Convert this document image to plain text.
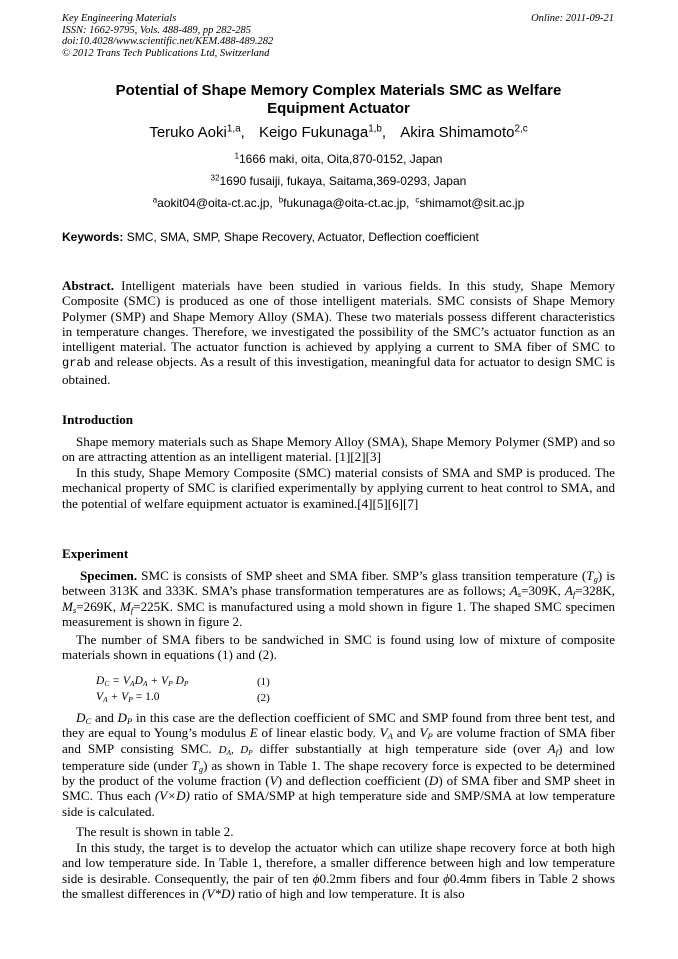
Key Engineering Materials
ISSN: 1662-9795, Vols. 488-489, pp 282-285
doi:10.4028/www.scientific.net/KEM.488-489.282
© 2012 Trans Tech Publications Ltd, Switzerland
Online: 2011-09-21
Potential of Shape Memory Complex Materials SMC as Welfare
Equipment Actuator
Teruko Aoki$^{1,a}$, Keigo Fukunaga$^{1,b}$, Akira Shimamoto$^{2,c}$
$^1$1666 maki, oita, Oita,870-0152, Japan
$^{32}$1690 fusaiji, fukaya, Saitama,369-0293, Japan
$^a$aokit04@oita-ct.ac.jp, $^b$fukunaga@oita-ct.ac.jp, $^c$shimamot@sit.ac.jp
Keywords: SMC, SMA, SMP, Shape Recovery, Actuator, Deflection coefficient
Abstract. Intelligent materials have been studied in various fields. In this study, Shape Memory Composite (SMC) is produced as one of those intelligent materials. SMC consists of Shape Memory Polymer (SMP) and Shape Memory Alloy (SMA). These two materials possess different characteristics in temperature changes. Therefore, we investigated the possibility of the SMC’s actuator function as an intelligent material. The actuator function is achieved by applying a current to SMA fiber of SMC to grab and release objects. As a result of this investigation, meaningful data for actuator to design SMC is obtained.
Introduction
Shape memory materials such as Shape Memory Alloy (SMA), Shape Memory Polymer (SMP) and so on are attracting attention as an intelligent material. [1][2][3]
In this study, Shape Memory Composite (SMC) material consists of SMA and SMP is produced. The mechanical property of SMC is clarified experimentally by applying current to heat control to SMA, and the potential of welfare equipment actuator is examined.[4][5][6][7]
Experiment
Specimen. SMC is consists of SMP sheet and SMA fiber. SMP’s glass transition temperature $(T_g)$ is between 313K and 333K. SMA’s phase transformation temperatures are as follows; $A_s=309K$, $A_f=328K$, $M_s=269K$, $M_f=225K$. SMC is manufactured using a mold shown in figure 1. The shaped SMC specimen measurement is shown in figure 2.
The number of SMA fibers to be sandwiched in SMC is found using low of mixture of composite materials shown in equations (1) and (2).
$D_C = V_AD_A + V_P$ $D_P$	(1)
$V_A + V_P = 1.0$	(2)
$D_C$ and $D_P$ in this case are the deflection coefficient of SMC and SMP found from three bent test, and they are equal to Young’s modulus E of linear elastic body. $V_A$ and $V_P$ are volume fraction of SMA fiber and SMP consisting SMC. $D_A$, $D_P$ differ substantially at high temperature side (over $A_f$) and low temperature side (under $T_g$) as shown in Table 1. The shape recovery force is expected to be determined by the product of the volume fraction (V) and deflection coefficient (D) of SMA fiber and SMP sheet in SMC. Thus each (V×D) ratio of SMA/SMP at high temperature side and SMP/SMA at low temperature side is calculated.
The result is shown in table 2.
In this study, the target is to develop the actuator which can utilize shape recovery force at both high and low temperature side. In Table 1, therefore, a smaller difference between high and low temperature side is desirable. Consequently, the pair of ten ϕ0.2mm fibers and four ϕ0.4mm fibers in Table 2 shows the smallest differences in (V*D) ratio of high and low temperature. It is also
